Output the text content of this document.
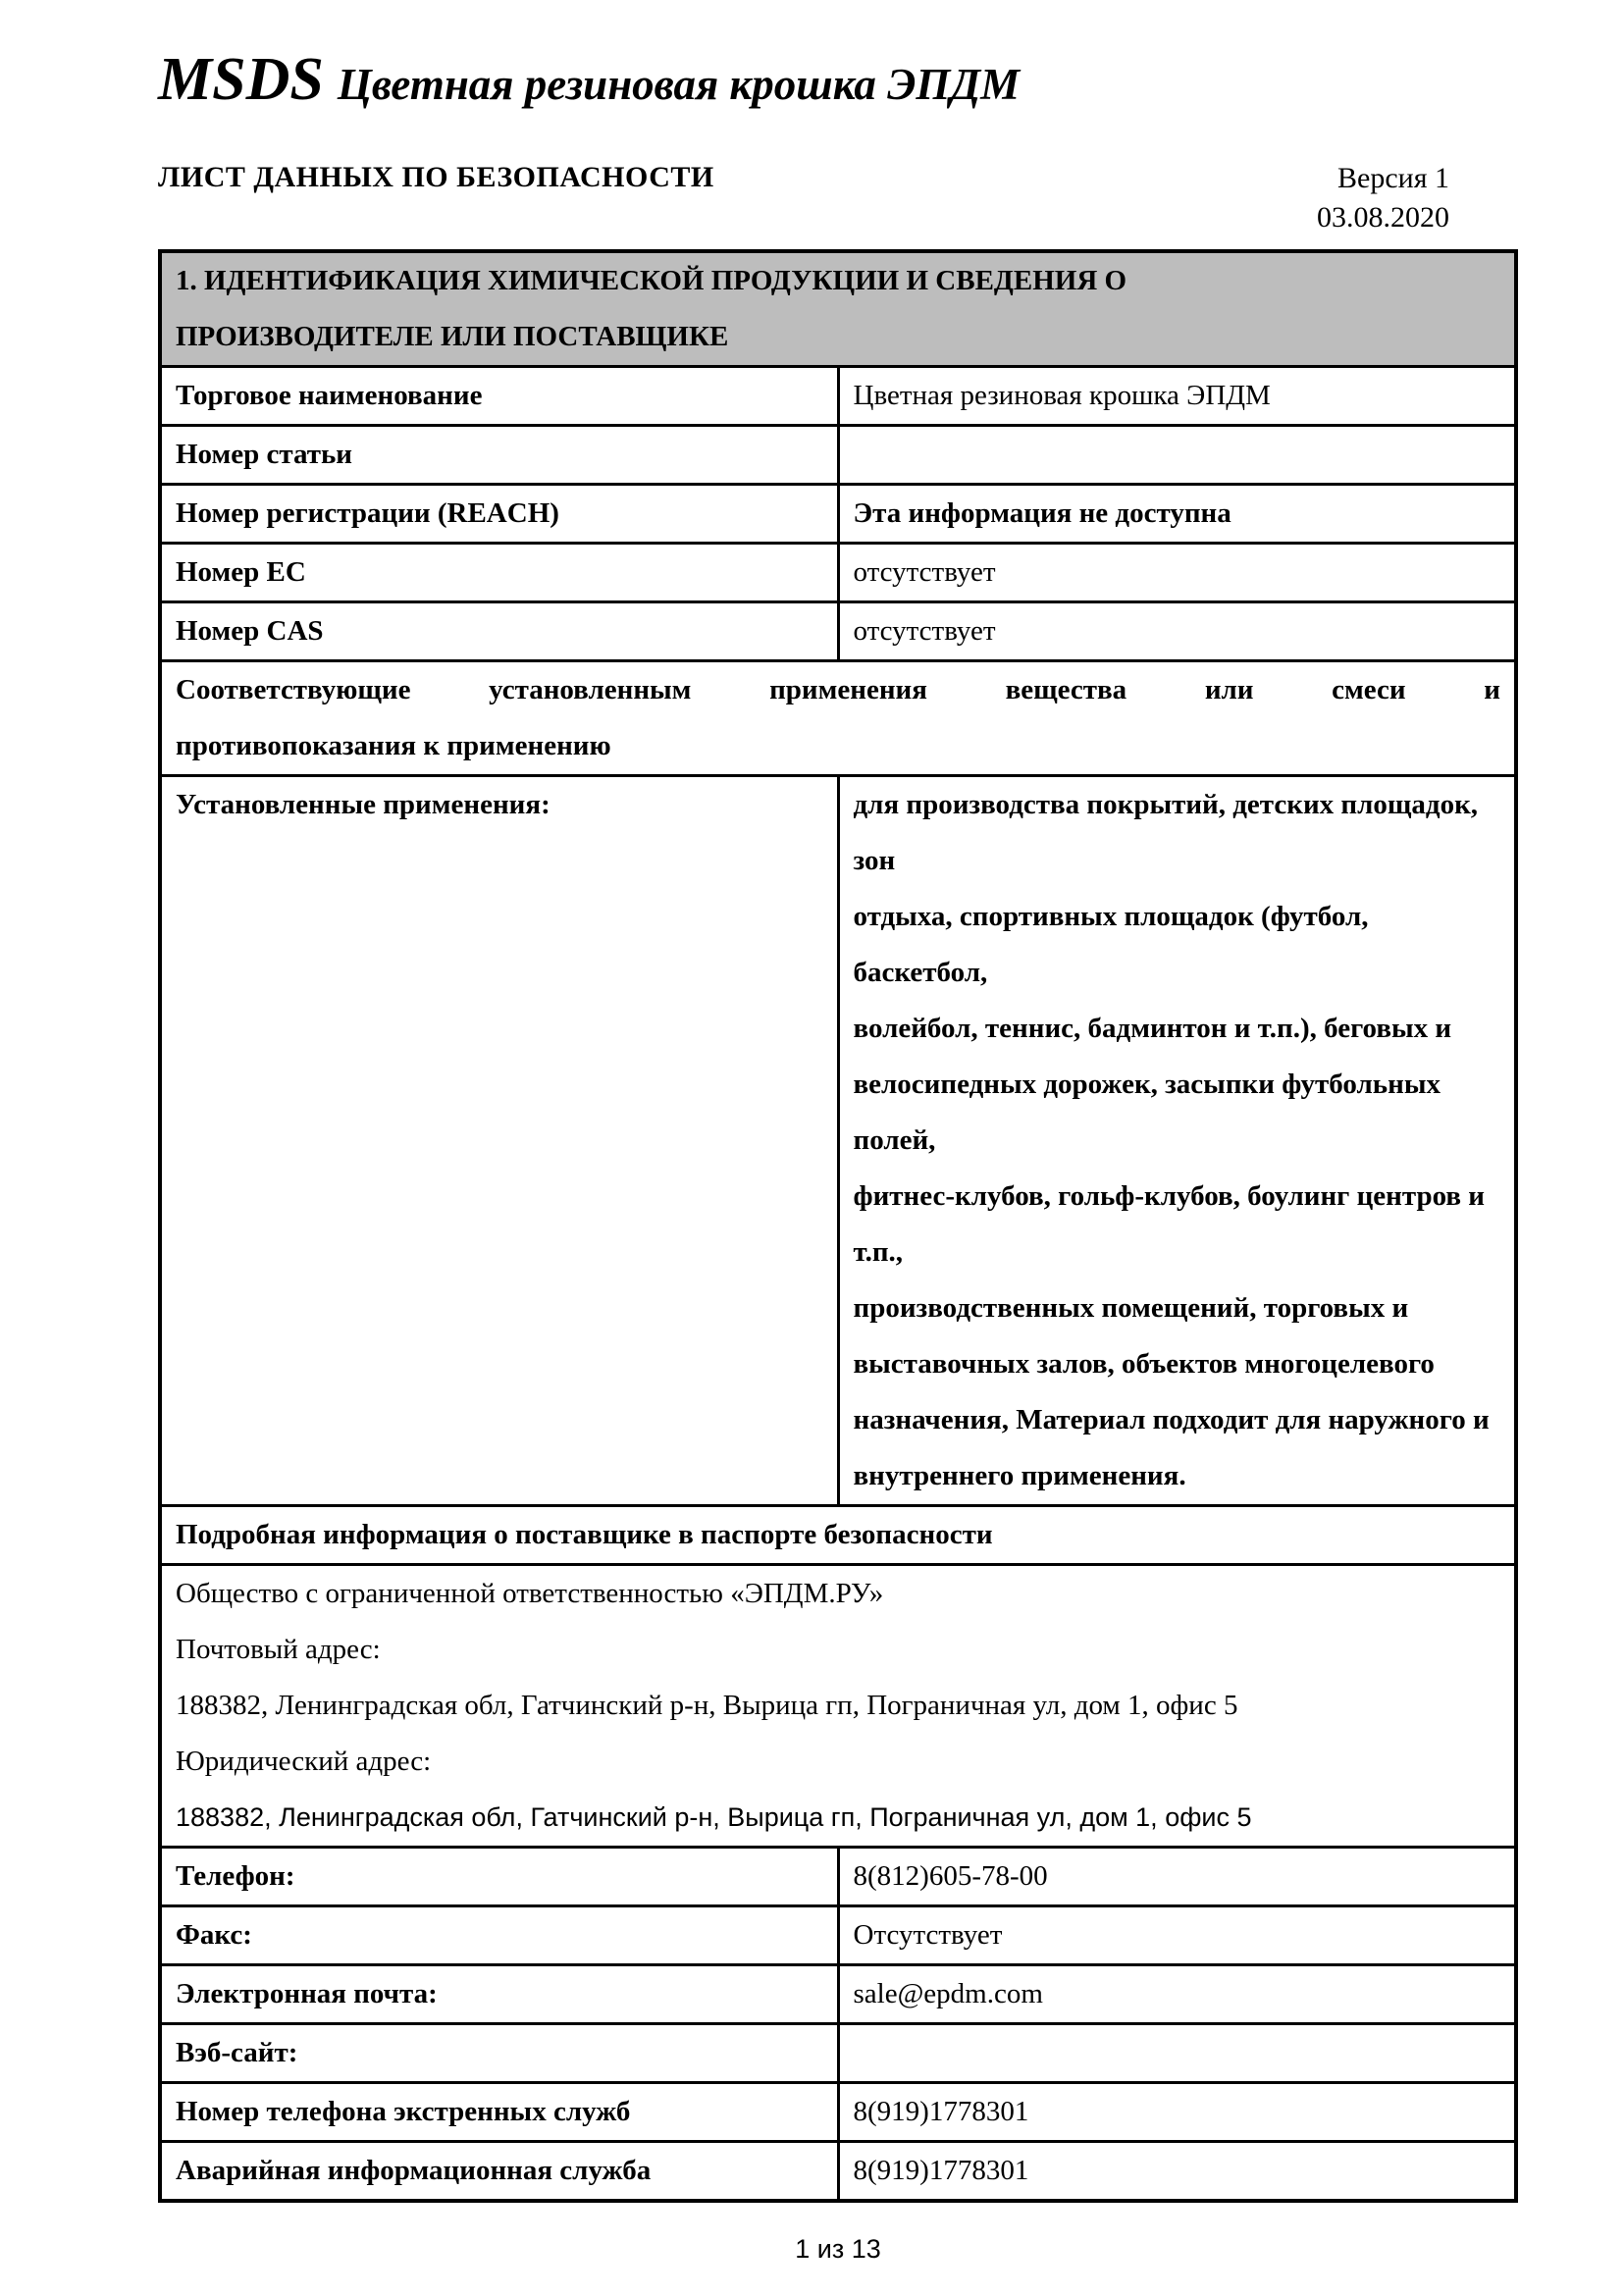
MSDS Цветная резиновая крошка ЭПДМ
ЛИСТ ДАННЫХ ПО БЕЗОПАСНОСТИ	Версия 1
03.08.2020
1. ИДЕНТИФИКАЦИЯ ХИМИЧЕСКОЙ ПРОДУКЦИИ И СВЕДЕНИЯ О
ПРОИЗВОДИТЕЛЕ ИЛИ ПОСТАВЩИКЕ	

Торговое наименование	Цветная резиновая крошка ЭПДМ
Номер статьи	
Номер регистрации (REACH)	Эта информация не доступна
Номер ЕС	отсутствует
Номер CAS	отсутствует

Соответствующие установленным применения вещества или смеси и
противопоказания к применению	

Установленные применения:	для производства покрытий, детских площадок, зон
отдыха, спортивных площадок (футбол, баскетбол,
волейбол, теннис, бадминтон и т.п.), беговых и
велосипедных дорожек, засыпки футбольных полей,
фитнес-клубов, гольф-клубов, боулинг центров и т.п.,
производственных помещений, торговых и
выставочных залов, объектов многоцелевого
назначения, Материал подходит для наружного и
внутреннего применения.

Подробная информация о поставщике в паспорте безопасности	

Общество с ограниченной ответственностью «ЭПДМ.РУ»
Почтовый адрес:
188382, Ленинградская обл, Гатчинский р-н, Вырица гп, Пограничная ул, дом 1, офис 5
Юридический адрес:
188382, Ленинградская обл, Гатчинский р-н, Вырица гп, Пограничная ул, дом 1, офис 5	

Телефон:	8(812)605-78-00
Факс:	Отсутствует
Электронная почта:	sale@epdm.com
Вэб-сайт:	
Номер телефона экстренных служб	8(919)1778301
Аварийная информационная служба	8(919)1778301
1 из 13
